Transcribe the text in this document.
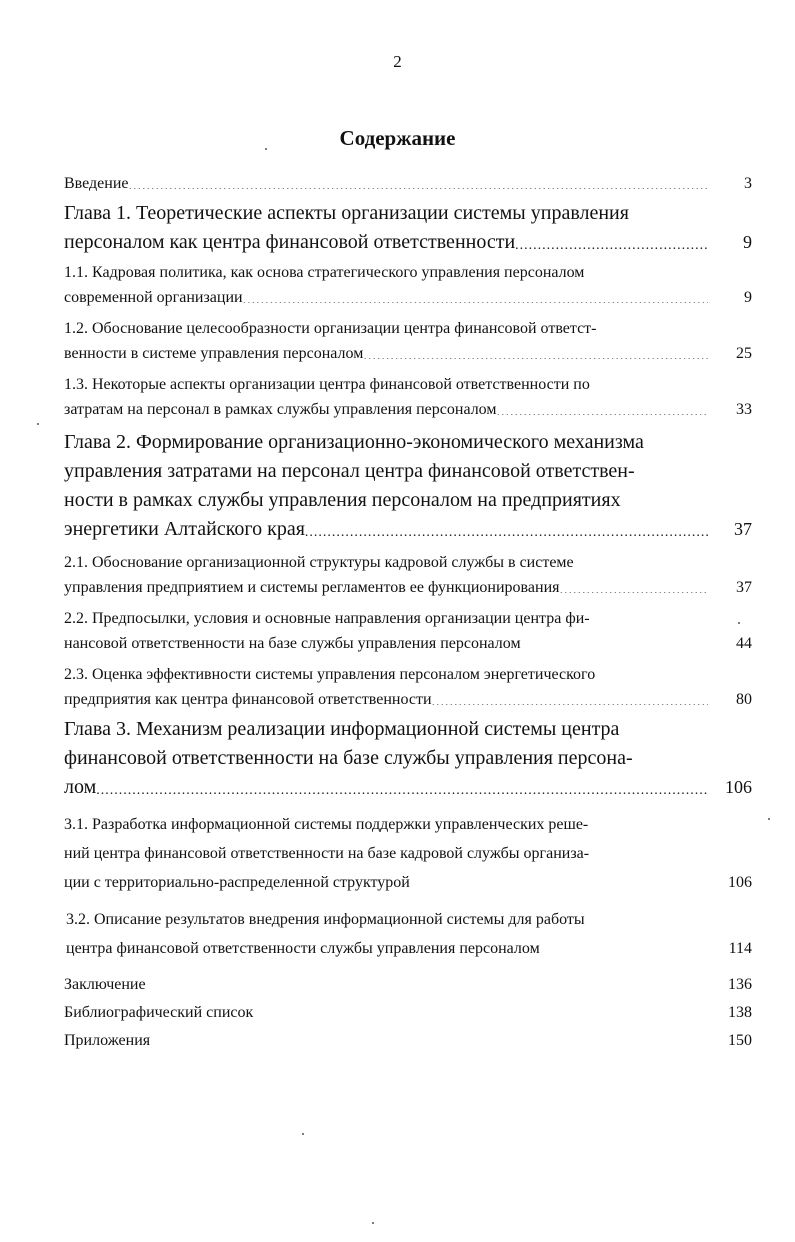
2
Содержание
Введение .....	3
Глава 1. Теоретические аспекты организации системы управления
персоналом как центра финансовой ответственности .....	9
1.1. Кадровая политика, как основа стратегического управления персоналом
современной организации .....	9
1.2. Обоснование целесообразности организации центра финансовой ответст-
венности в системе управления персоналом .....	25
1.3. Некоторые аспекты организации центра финансовой ответственности по
затратам на персонал в рамках службы управления персоналом .....	33
Глава 2. Формирование организационно-экономического механизма
управления затратами на персонал центра финансовой ответствен-
ности в рамках службы управления персоналом на предприятиях
энергетики Алтайского края .....	37
2.1. Обоснование организационной структуры кадровой службы в системе
управления предприятием и системы регламентов ее функционирования .....	37
2.2. Предпосылки, условия и основные направления организации центра фи-
нансовой ответственности на базе службы управления персоналом	44
2.3. Оценка эффективности системы управления персоналом энергетического
предприятия как центра финансовой ответственности .....	80
Глава 3. Механизм реализации информационной системы центра
финансовой ответственности на базе службы управления персона-
лом .....	106
3.1. Разработка информационной системы поддержки управленческих реше-
ний центра финансовой ответственности на базе кадровой службы организа-
ции с территориально-распределенной структурой .....	106
3.2. Описание результатов внедрения информационной системы для работы
центра финансовой ответственности службы управления персоналом .....	114
Заключение .....	136
Библиографический список .....	138
Приложения .....	150
